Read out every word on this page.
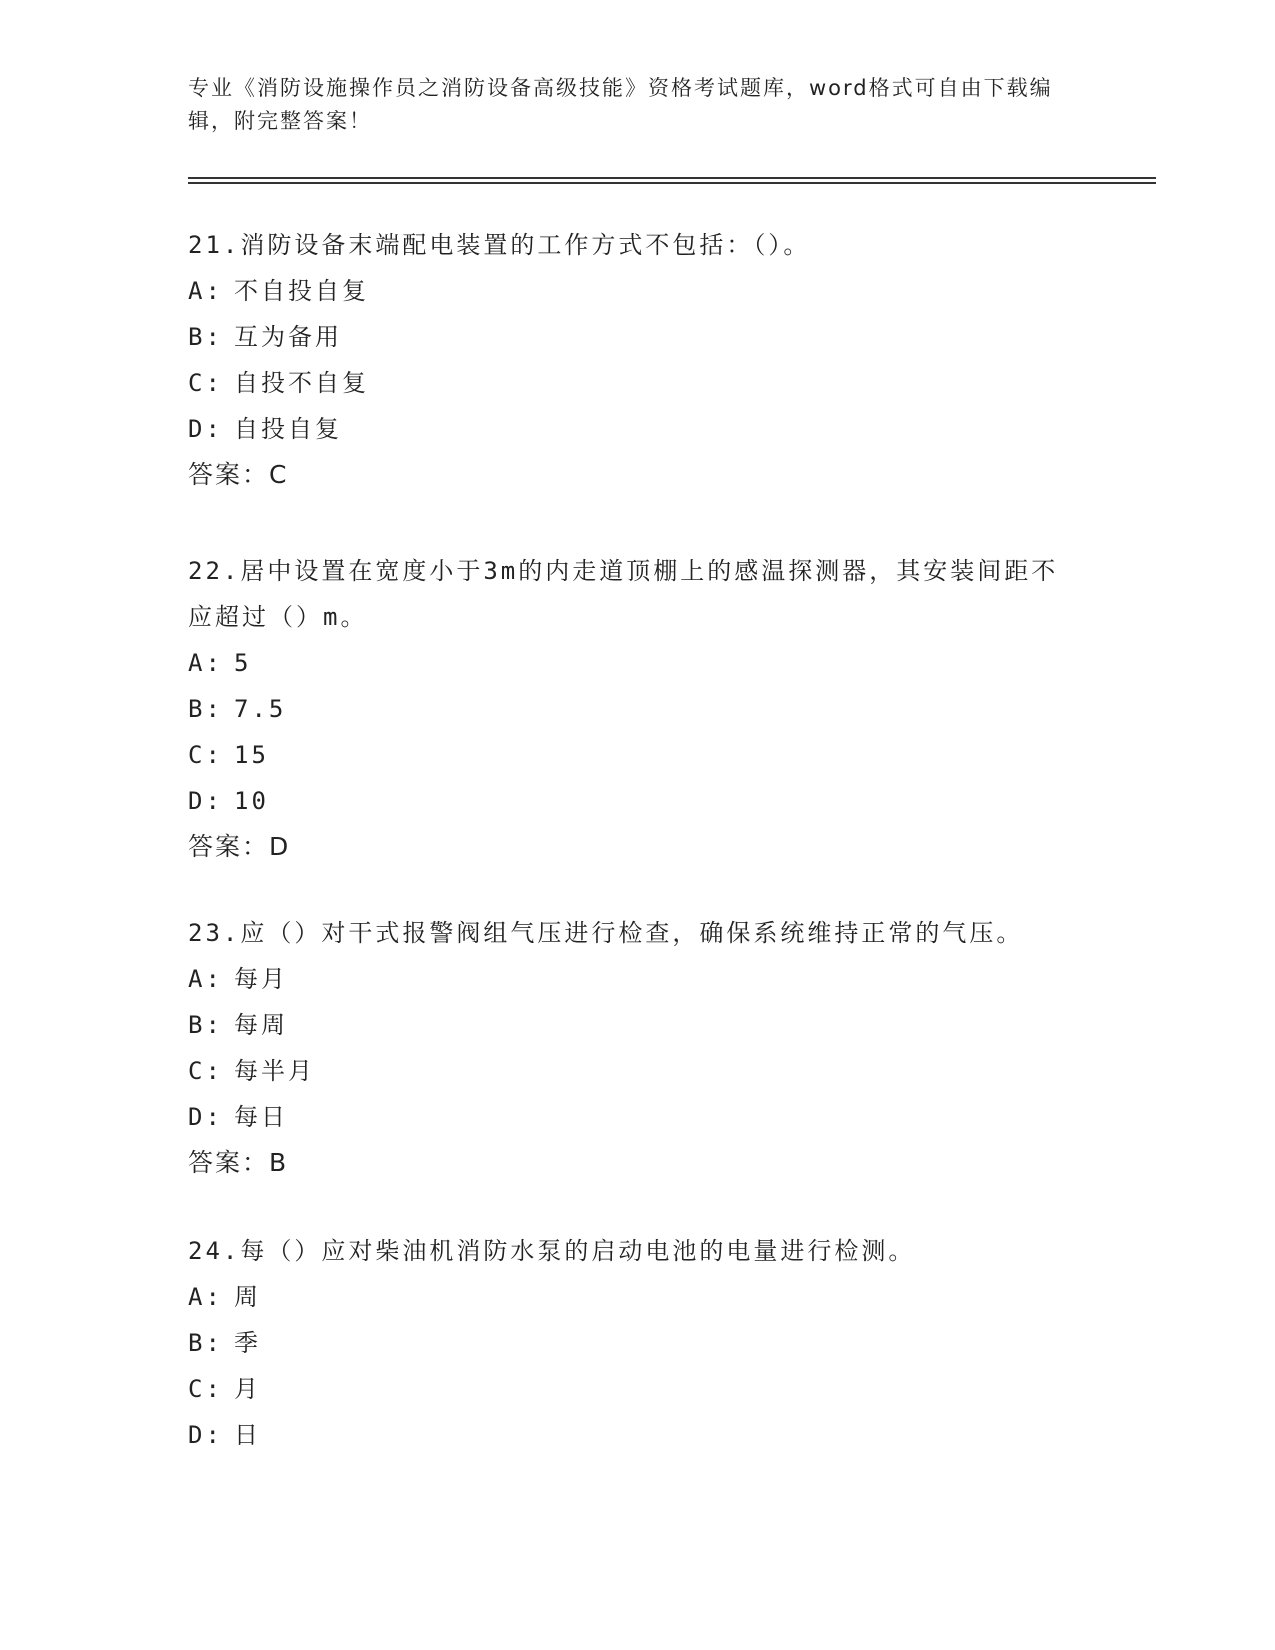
专业《消防设施操作员之消防设备高级技能》资格考试题库，word格式可自由下载编辑，附完整答案！

21.消防设备末端配电装置的工作方式不包括：（）。

A: 不自投自复

B: 互为备用

C: 自投不自复

D: 自投自复

答案：C

22.居中设置在宽度小于3m的内走道顶棚上的感温探测器，其安装间距不应超过（）m。

A: 5

B: 7.5

C: 15

D: 10

答案：D

23.应（）对干式报警阀组气压进行检查，确保系统维持正常的气压。

A: 每月

B: 每周

C: 每半月

D: 每日

答案：B

24.每（）应对柴油机消防水泵的启动电池的电量进行检测。

A: 周

B: 季

C: 月

D: 日
